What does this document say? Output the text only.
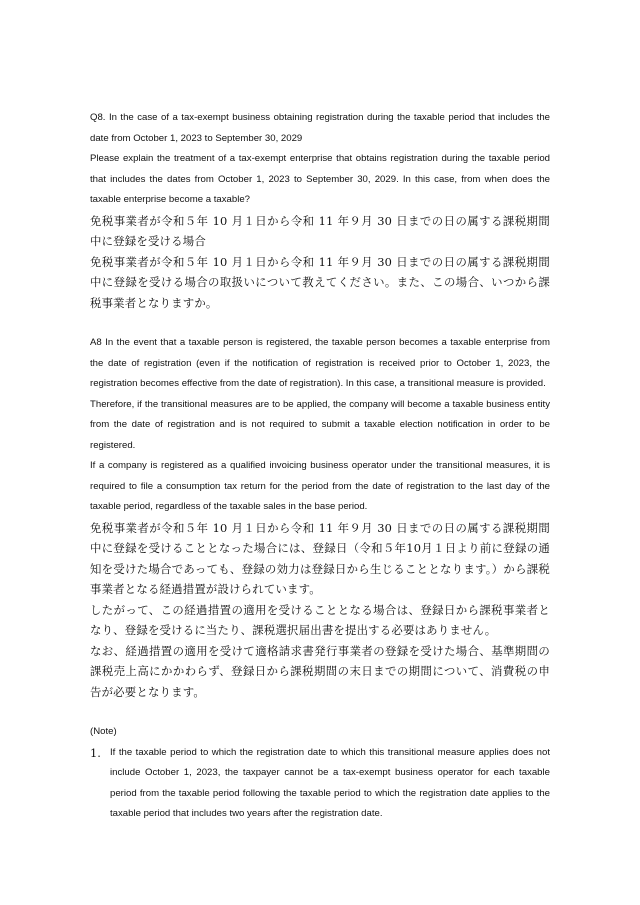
Q8. In the case of a tax-exempt business obtaining registration during the taxable period that includes the date from October 1, 2023 to September 30, 2029

Please explain the treatment of a tax-exempt enterprise that obtains registration during the taxable period that includes the dates from October 1, 2023 to September 30, 2029. In this case, from when does the taxable enterprise become a taxable?

免税事業者が令和５年 10 月１日から令和 11 年９月 30 日までの日の属する課税期間中に登録を受ける場合

免税事業者が令和５年 10 月１日から令和 11 年９月 30 日までの日の属する課税期間中に登録を受ける場合の取扱いについて教えてください。また、この場合、いつから課税事業者となりますか。

A8 In the event that a taxable person is registered, the taxable person becomes a taxable enterprise from the date of registration (even if the notification of registration is received prior to October 1, 2023, the registration becomes effective from the date of registration). In this case, a transitional measure is provided.

Therefore, if the transitional measures are to be applied, the company will become a taxable business entity from the date of registration and is not required to submit a taxable election notification in order to be registered.

If a company is registered as a qualified invoicing business operator under the transitional measures, it is required to file a consumption tax return for the period from the date of registration to the last day of the taxable period, regardless of the taxable sales in the base period.

免税事業者が令和５年 10 月１日から令和 11 年９月 30 日までの日の属する課税期間中に登録を受けることとなった場合には、登録日（令和５年10月１日より前に登録の通知を受けた場合であっても、登録の効力は登録日から生じることとなります。）から課税事業者となる経過措置が設けられています。

したがって、この経過措置の適用を受けることとなる場合は、登録日から課税事業者となり、登録を受けるに当たり、課税選択届出書を提出する必要はありません。

なお、経過措置の適用を受けて適格請求書発行事業者の登録を受けた場合、基準期間の課税売上高にかかわらず、登録日から課税期間の末日までの期間について、消費税の申告が必要となります。

(Note)

1. If the taxable period to which the registration date to which this transitional measure applies does not include October 1, 2023, the taxpayer cannot be a tax-exempt business operator for each taxable period from the taxable period following the taxable period to which the registration date applies to the taxable period that includes two years after the registration date.
